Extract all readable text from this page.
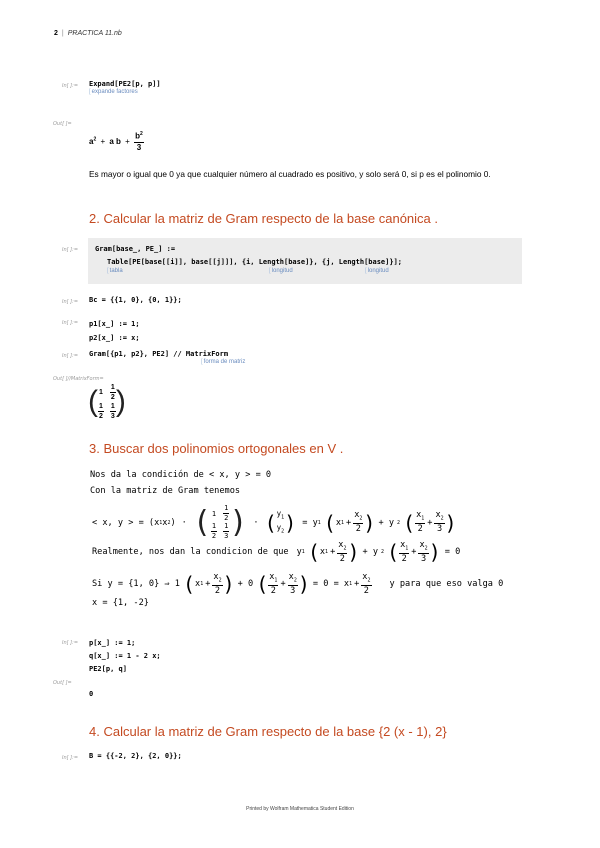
2 | PRACTICA 11.nb
In[ ]:= Expand[PE2[p, p]]
[ expande factores
Out[ ]=
$a^2 + a$ $b + \frac{b^2}{3}$
Es mayor o igual que 0 ya que cualquier número al cuadrado es positivo, y solo será 0, si p es el polinomio 0.
2. Calcular la matriz de Gram respecto de la base canónica .
In[ ]:= Gram[base_, PE_] :=
Table[PE[base[[i]], base[[j]]], {i, Length[base]}, {j, Length[base]}];
[ tabla	[ longitud	[ longitud
In[ ]:= Bc = {{1, 0}, {0, 1}};
In[ ]:= p1[x_] := 1;
p2[x_] := x;
In[ ]:= Gram[{p1, p2}, PE2] // MatrixForm
[ forma de matriz
Out[ ]//MatrixForm=
( $1 \frac{1}{2}$
$\frac{1}{2} \frac{1}{3}$ )
3. Buscar dos polinomios ortogonales en V .
Nos da la condición de < x, y > = 0
Con la matriz de Gram tenemos
< x, y > = (x 1 x 2 ) · ( $1 \frac{1}{2}$
$\frac{1}{2} \frac{1}{3}$ ) · ( $y_1$
$y_2$ ) = y 1 ( x $1 + \frac{x_2}{2}$ ) + y 2 ( $\frac{x_1}{2} + \frac{x_2}{3}$ )
Realmente, nos dan la condicion de que y 1 ( x $1 + \frac{x_2}{2}$ ) + y 2 ( $\frac{x_1}{2} + \frac{x_2}{3}$ ) = 0
Si y = {1, 0} ⇒ 1 ( x $1 + \frac{x_2}{2}$ ) + 0 ( $\frac{x_1}{2} + \frac{x_2}{3}$ ) = 0 = x $1 + \frac{x_2}{2}$ y para que eso valga 0
x = {1, -2}
In[ ]:= p[x_] := 1;
q[x_] := 1 - 2 x;
PE2[p, q]
Out[ ]=
0
4. Calcular la matriz de Gram respecto de la base {2 (x - 1), 2}
In[ ]:= B = {{-2, 2}, {2, 0}};
Printed by Wolfram Mathematica Student Edition
